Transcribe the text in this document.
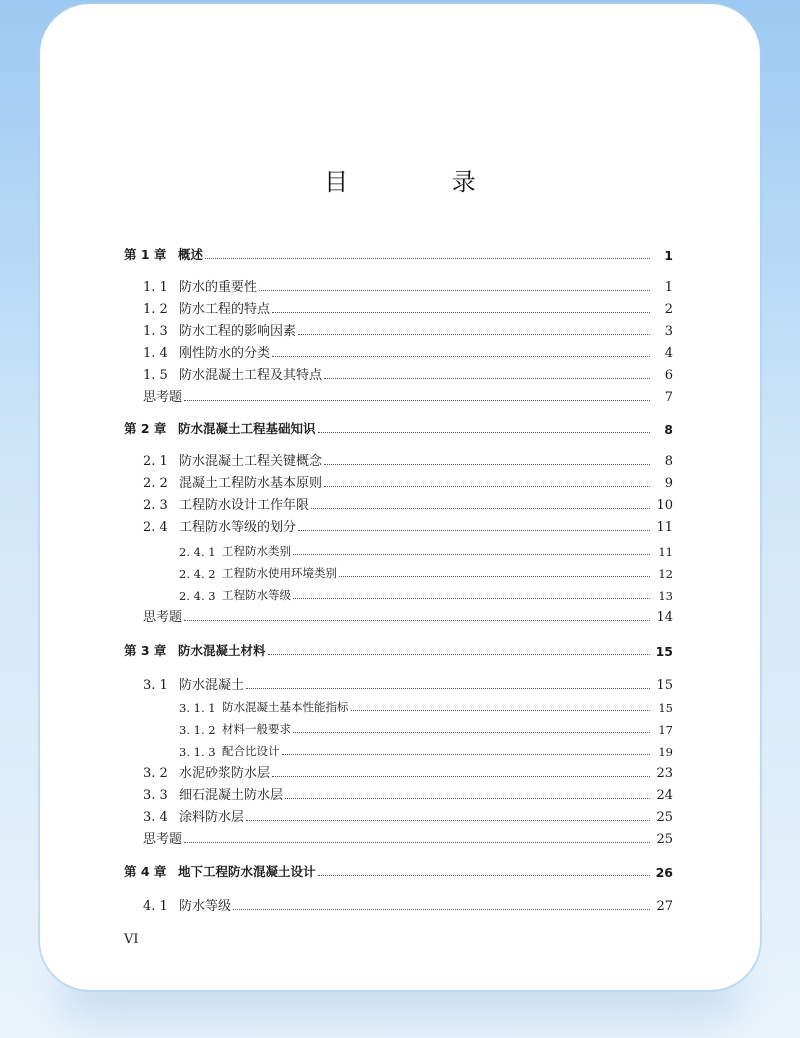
目 录
第 1 章 概述	1
1. 1 防水的重要性	1
1. 2 防水工程的特点	2
1. 3 防水工程的影响因素	3
1. 4 刚性防水的分类	4
1. 5 防水混凝土工程及其特点	6
思考题	7
第 2 章 防水混凝土工程基础知识	8
2. 1 防水混凝土工程关键概念	8
2. 2 混凝土工程防水基本原则	9
2. 3 工程防水设计工作年限	10
2. 4 工程防水等级的划分	11
2. 4. 1 工程防水类别	11
2. 4. 2 工程防水使用环境类别	12
2. 4. 3 工程防水等级	13
思考题	14
第 3 章 防水混凝土材料	15
3. 1 防水混凝土	15
3. 1. 1 防水混凝土基本性能指标	15
3. 1. 2 材料一般要求	17
3. 1. 3 配合比设计	19
3. 2 水泥砂浆防水层	23
3. 3 细石混凝土防水层	24
3. 4 涂料防水层	25
思考题	25
第 4 章 地下工程防水混凝土设计	26
4. 1 防水等级	27
VI
